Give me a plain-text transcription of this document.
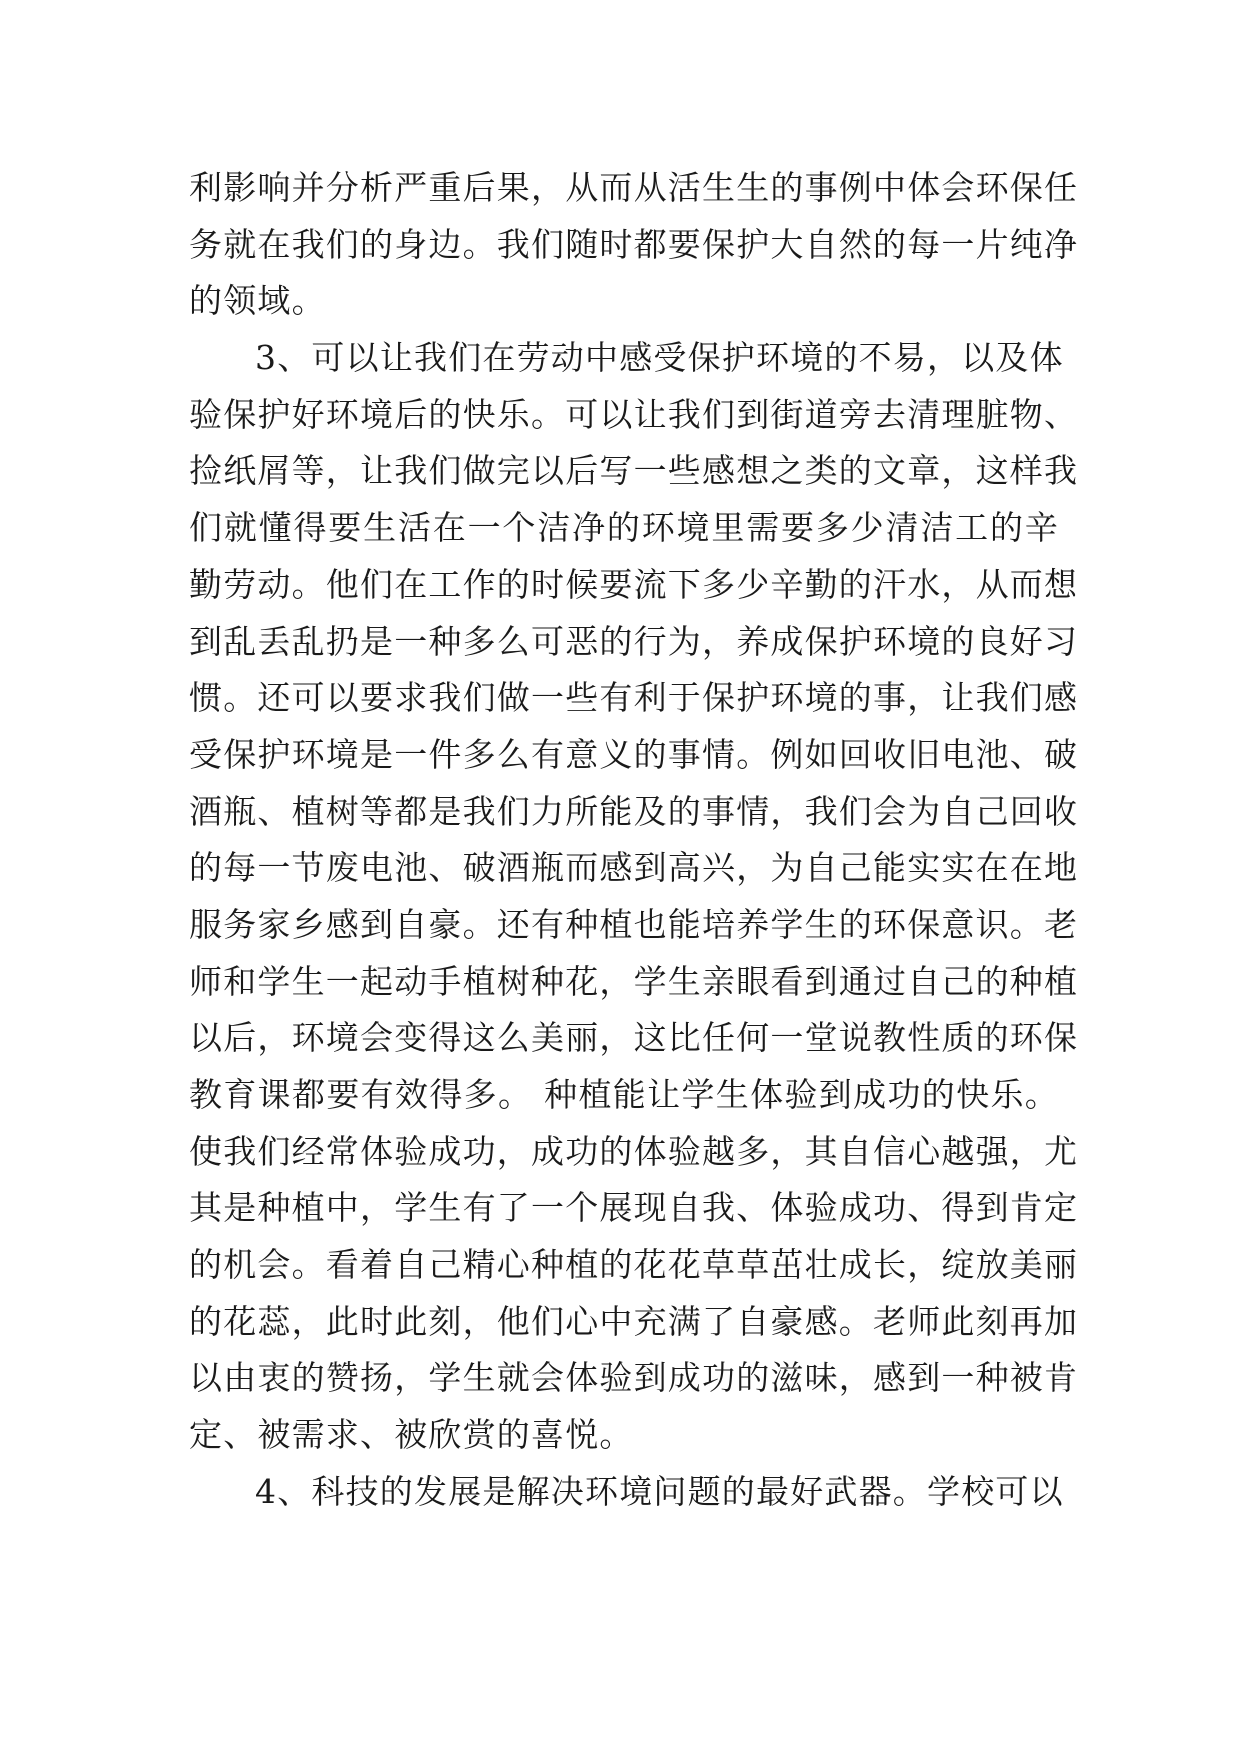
利影响并分析严重后果，从而从活生生的事例中体会环保任
务就在我们的身边。我们随时都要保护大自然的每一片纯净
的领域。
3、可以让我们在劳动中感受保护环境的不易，以及体
验保护好环境后的快乐。可以让我们到街道旁去清理脏物、
捡纸屑等，让我们做完以后写一些感想之类的文章，这样我
们就懂得要生活在一个洁净的环境里需要多少清洁工的辛
勤劳动。他们在工作的时候要流下多少辛勤的汗水，从而想
到乱丢乱扔是一种多么可恶的行为，养成保护环境的良好习
惯。还可以要求我们做一些有利于保护环境的事，让我们感
受保护环境是一件多么有意义的事情。例如回收旧电池、破
酒瓶、植树等都是我们力所能及的事情，我们会为自己回收
的每一节废电池、破酒瓶而感到高兴，为自己能实实在在地
服务家乡感到自豪。还有种植也能培养学生的环保意识。老
师和学生一起动手植树种花，学生亲眼看到通过自己的种植
以后，环境会变得这么美丽，这比任何一堂说教性质的环保
教育课都要有效得多。 种植能让学生体验到成功的快乐。
使我们经常体验成功，成功的体验越多，其自信心越强，尤
其是种植中，学生有了一个展现自我、体验成功、得到肯定
的机会。看着自己精心种植的花花草草茁壮成长，绽放美丽
的花蕊，此时此刻，他们心中充满了自豪感。老师此刻再加
以由衷的赞扬，学生就会体验到成功的滋味，感到一种被肯
定、被需求、被欣赏的喜悦。
4、科技的发展是解决环境问题的最好武器。学校可以
